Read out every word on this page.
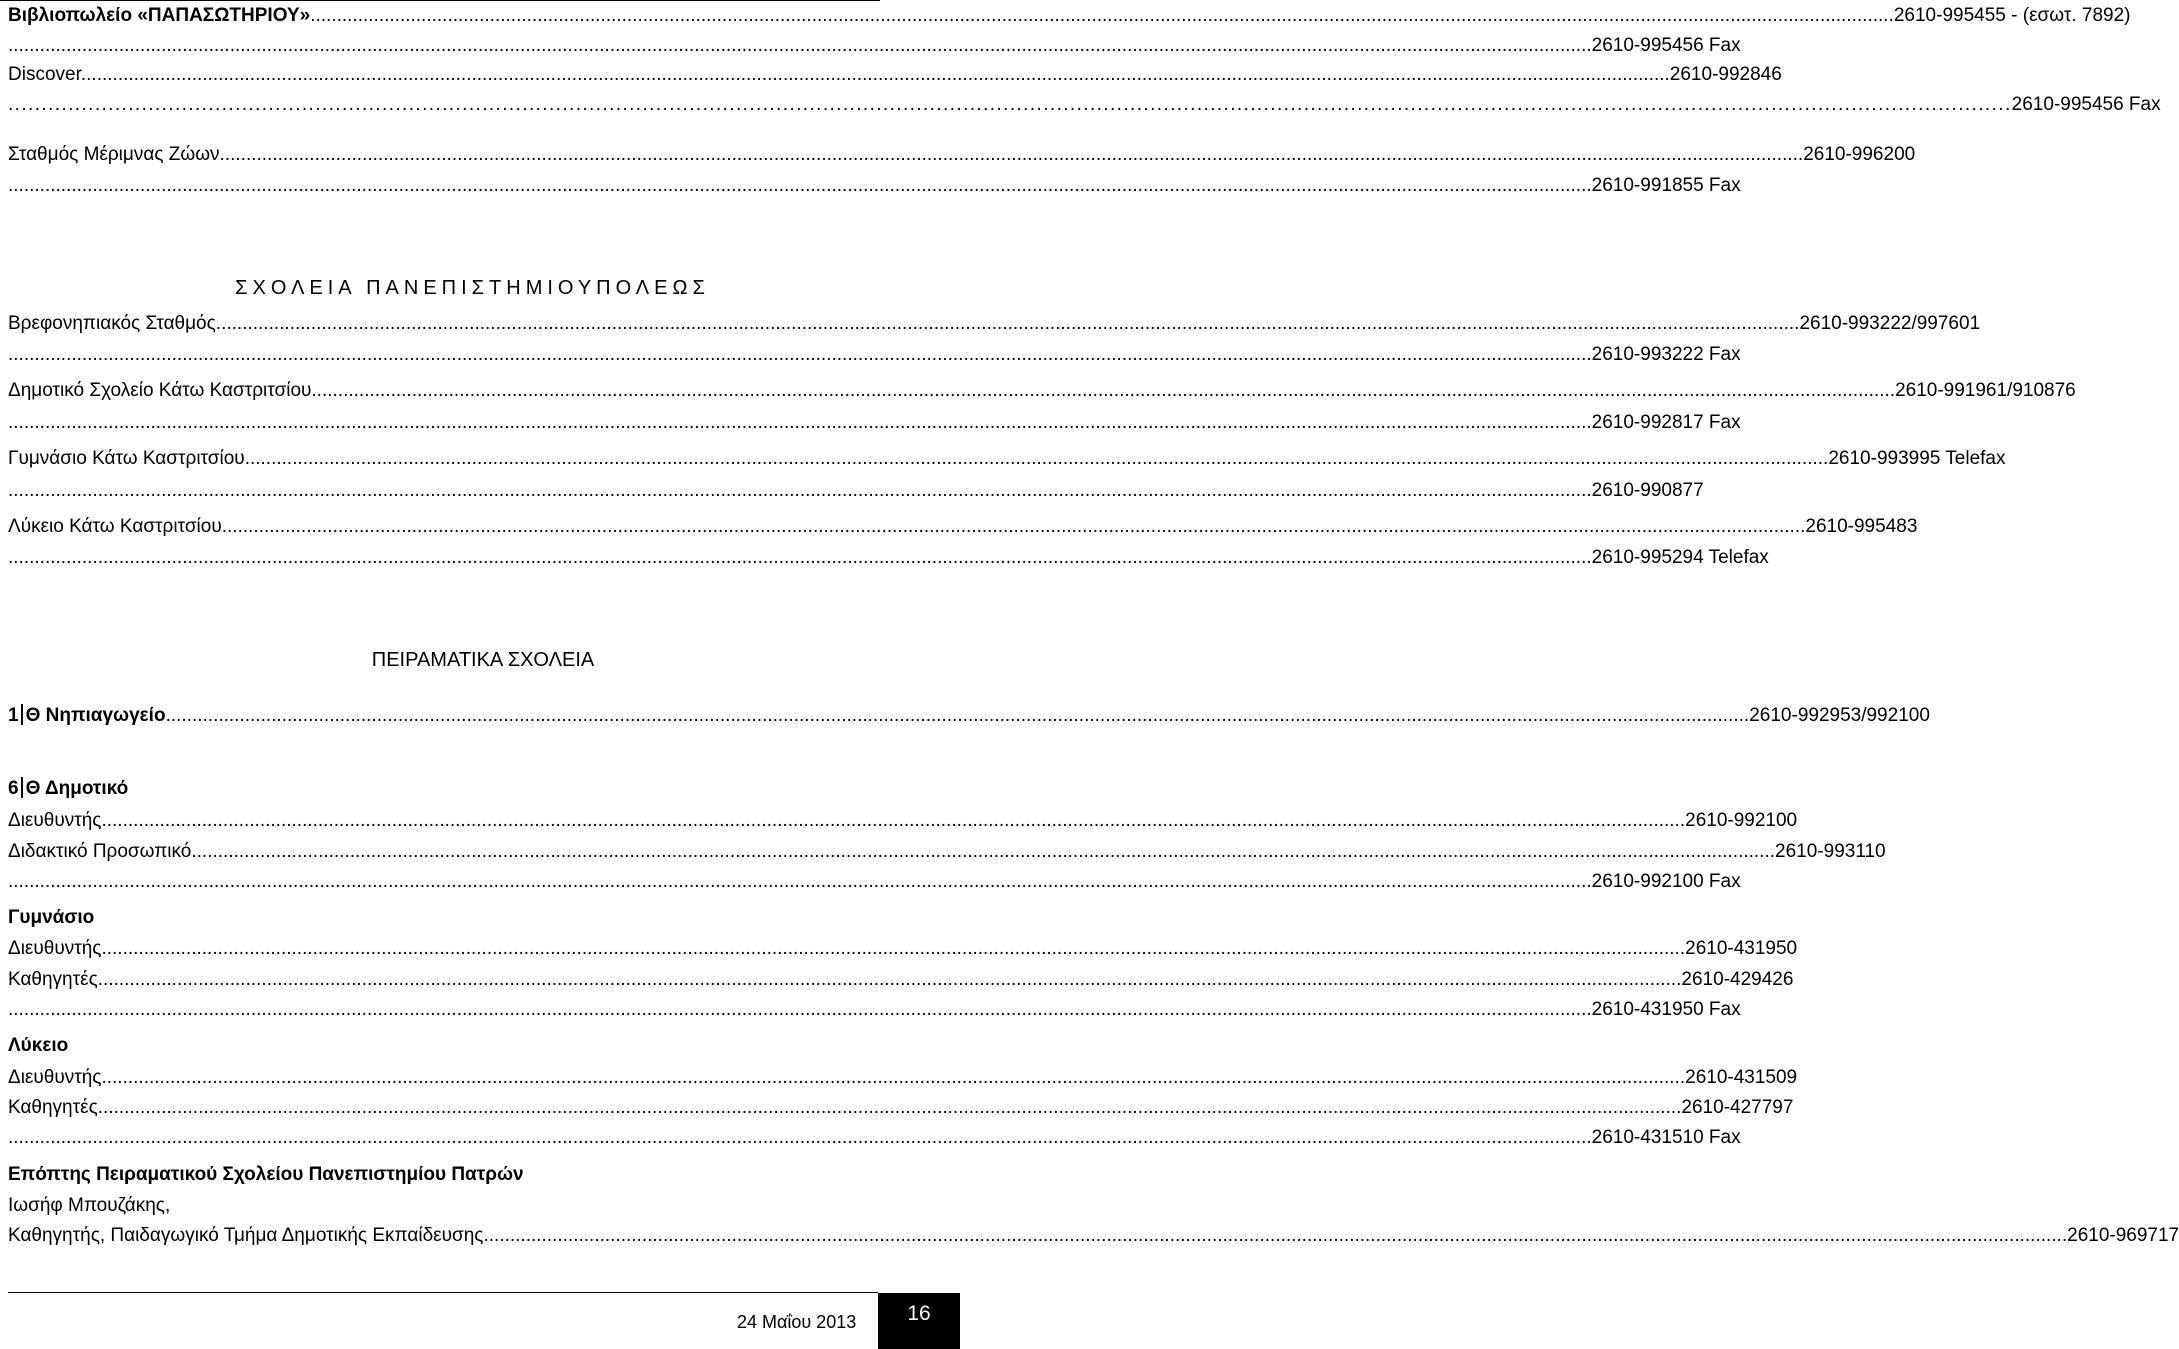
Βιβλιοπωλείο «ΠΑΠΑΣΩΤΗΡΙΟΥ» ............................................................................................................................................................................................................................................................................................................ 2610-995455 - (εσωτ. 7892)
............................................................................................................................................................................................................................................................................................................ 2610-995456 Fax
Discover. ............................................................................................................................................................................................................................................................................................................ 2610-992846
............................................................................................................................................................................................................................................................................................................ 2610-995456 Fax
Σταθμός Μέριμνας Ζώων ............................................................................................................................................................................................................................................................................................................ 2610-996200
............................................................................................................................................................................................................................................................................................................ 2610-991855 Fax
ΣΧΟΛΕΙΑ ΠΑΝΕΠΙΣΤΗΜΙΟΥΠΟΛΕΩΣ
Βρεφονηπιακός Σταθμός ............................................................................................................................................................................................................................................................................................................ 2610-993222/997601
............................................................................................................................................................................................................................................................................................................ 2610-993222 Fax
Δημοτικό Σχολείο Κάτω Καστριτσίου ............................................................................................................................................................................................................................................................................................................ 2610-991961/910876
............................................................................................................................................................................................................................................................................................................ 2610-992817 Fax
Γυμνάσιο Κάτω Καστριτσίου ............................................................................................................................................................................................................................................................................................................ 2610-993995 Telefax
............................................................................................................................................................................................................................................................................................................ 2610-990877
Λύκειο Κάτω Καστριτσίου ............................................................................................................................................................................................................................................................................................................ 2610-995483
............................................................................................................................................................................................................................................................................................................ 2610-995294 Telefax
ΠΕΙΡΑΜΑΤΙΚΑ ΣΧΟΛΕΙΑ
1 Θ Νηπιαγωγείο ............................................................................................................................................................................................................................................................................................................ 2610-992953/992100
6 Θ Δημοτικό
Διευθυντής ............................................................................................................................................................................................................................................................................................................ 2610-992100
Διδακτικό Προσωπικό ............................................................................................................................................................................................................................................................................................................ 2610-993110
............................................................................................................................................................................................................................................................................................................ 2610-992100 Fax
Γυμνάσιο
Διευθυντής ............................................................................................................................................................................................................................................................................................................ 2610-431950
Καθηγητές ............................................................................................................................................................................................................................................................................................................ 2610-429426
............................................................................................................................................................................................................................................................................................................ 2610-431950 Fax
Λύκειο
Διευθυντής ............................................................................................................................................................................................................................................................................................................ 2610-431509
Καθηγητές ............................................................................................................................................................................................................................................................................................................ 2610-427797
............................................................................................................................................................................................................................................................................................................ 2610-431510 Fax
Επόπτης Πειραματικού Σχολείου Πανεπιστημίου Πατρών
Ιωσήφ Μπουζάκης,
Καθηγητής, Παιδαγωγικό Τμήμα Δημοτικής Εκπαίδευσης ............................................................................................................................................................................................................................................................................................................ 2610-969717
24 Μαΐου 2013	16
